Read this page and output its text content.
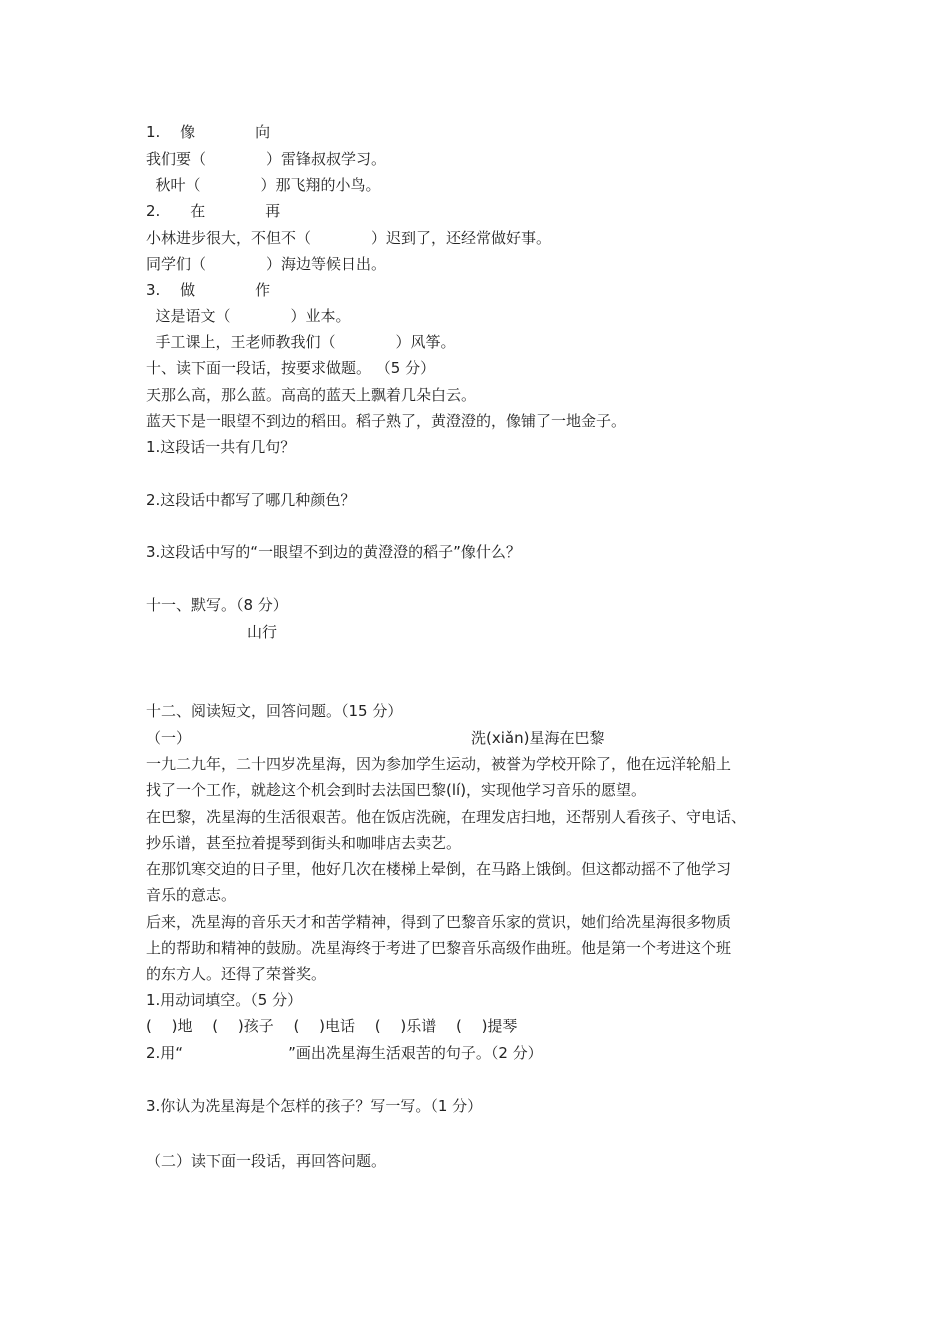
1.　 像　　　　向
我们要（　　　　）雷锋叔叔学习。
秋叶（　　　　）那飞翔的小鸟。
2.　　在　　　　再
小林进步很大，不但不（　　　　）迟到了，还经常做好事。
同学们（　　　　）海边等候日出。
3.　 做　　　　作
这是语文（　　　　）业本。
手工课上，王老师教我们（　　　　）风筝。
十、读下面一段话，按要求做题。 （5 分）
天那么高，那么蓝。高高的蓝天上飘着几朵白云。
蓝天下是一眼望不到边的稻田。稻子熟了，黄澄澄的，像铺了一地金子。
1.这段话一共有几句？
2.这段话中都写了哪几种颜色？
3.这段话中写的“一眼望不到边的黄澄澄的稻子”像什么？
十一、默写。（8 分）
山行
十二、阅读短文，回答问题。（15 分）
（一）	洗(xiǎn)星海在巴黎
一九二九年，二十四岁冼星海，因为参加学生运动，被誉为学校开除了，他在远洋轮船上
找了一个工作，就趁这个机会到时去法国巴黎(lí)，实现他学习音乐的愿望。
在巴黎，冼星海的生活很艰苦。他在饭店洗碗，在理发店扫地，还帮别人看孩子、守电话、
抄乐谱，甚至拉着提琴到街头和咖啡店去卖艺。
在那饥寒交迫的日子里，他好几次在楼梯上晕倒，在马路上饿倒。但这都动摇不了他学习
音乐的意志。
后来，冼星海的音乐天才和苦学精神，得到了巴黎音乐家的赏识，她们给冼星海很多物质
上的帮助和精神的鼓励。冼星海终于考进了巴黎音乐高级作曲班。他是第一个考进这个班
的东方人。还得了荣誉奖。
1.用动词填空。（5 分）
(　 )地　 (　 )孩子　 (　 )电话　 (　 )乐谱　 (　 )提琴
2.用“　　　　　　　”画出冼星海生活艰苦的句子。（2 分）
3.你认为冼星海是个怎样的孩子？写一写。（1 分）
（二）读下面一段话，再回答问题。
